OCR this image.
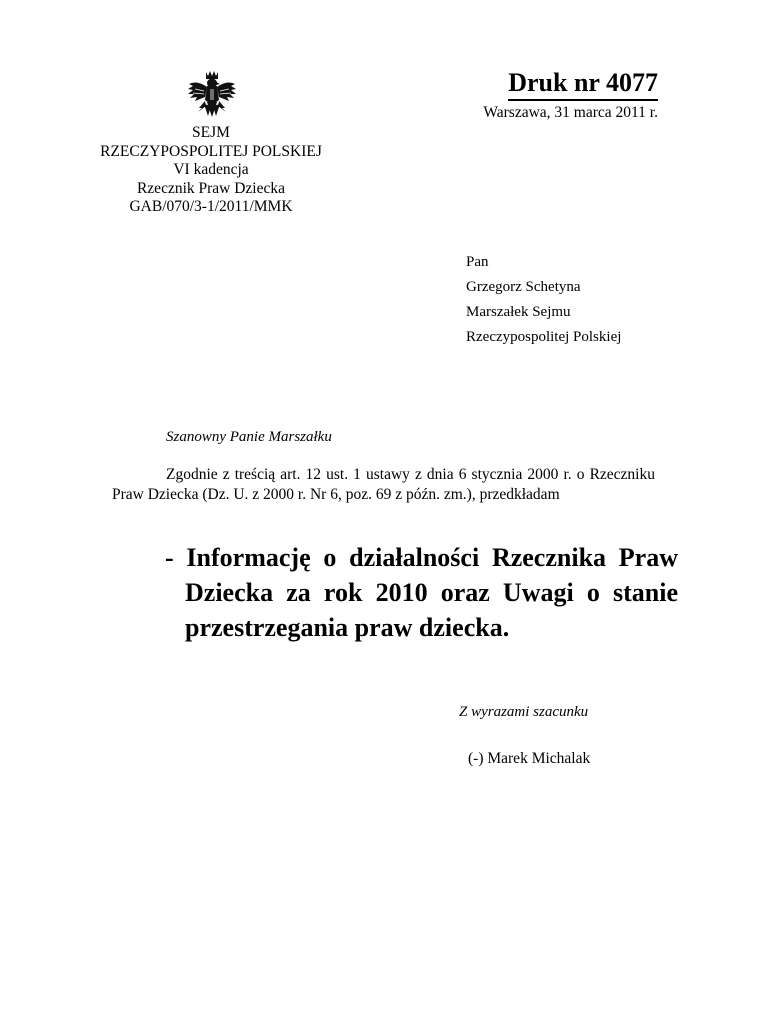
SEJM
RZECZYPOSPOLITEJ POLSKIEJ
VI kadencja
Rzecznik Praw Dziecka
GAB/070/3-1/2011/MMK
Druk nr 4077
Warszawa, 31 marca 2011 r.
Pan
Grzegorz Schetyna
Marszałek Sejmu
Rzeczypospolitej Polskiej
Szanowny Panie Marszałku
Zgodnie z treścią art. 12 ust. 1 ustawy z dnia 6 stycznia 2000 r. o Rzeczniku Praw Dziecka (Dz. U. z 2000 r. Nr 6, poz. 69 z późn. zm.), przedkładam
- Informację o działalności Rzecznika Praw Dziecka za rok 2010 oraz Uwagi o stanie przestrzegania praw dziecka.
Z wyrazami szacunku
(-) Marek Michalak
